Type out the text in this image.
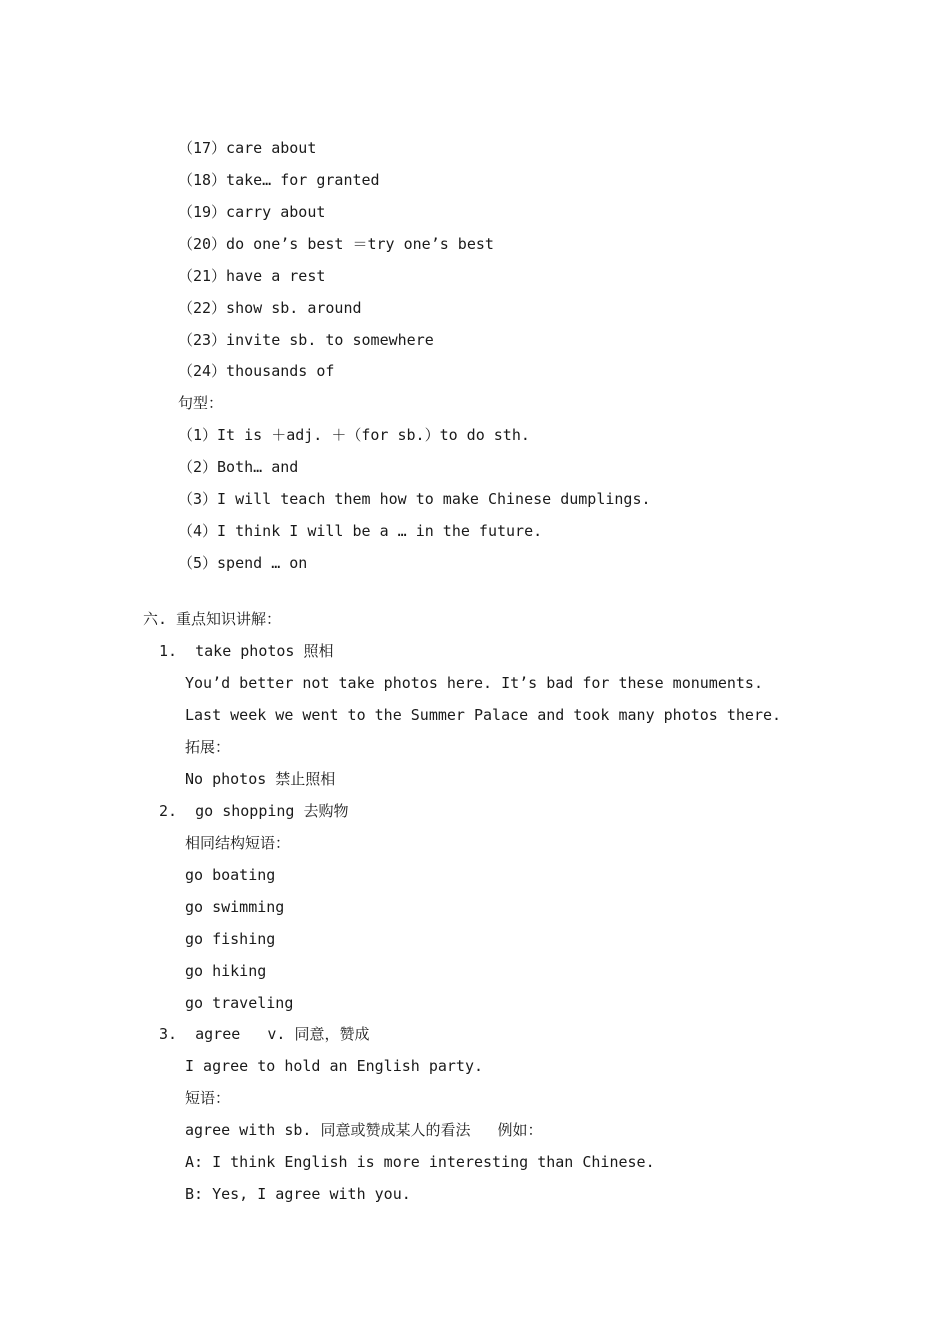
（17）care about
（18）take… for granted
（19）carry about
（20）do one’s best ＝try one’s best
（21）have a rest
（22）show sb. around
（23）invite sb. to somewhere
（24）thousands of
句型：
（1）It is ＋adj. ＋（for sb.）to do sth.
（2）Both… and
（3）I will teach them how to make Chinese dumplings.
（4）I think I will be a … in the future.
（5）spend … on
六. 重点知识讲解：
1.  take photos 照相
You’d better not take photos here. It’s bad for these monuments.
Last week we went to the Summer Palace and took many photos there.
拓展：
No photos 禁止照相
2.  go shopping 去购物
相同结构短语：
go boating
go swimming
go fishing
go hiking
go traveling
3.  agree   v. 同意，赞成
I agree to hold an English party.
短语：
agree with sb. 同意或赞成某人的看法   例如：
A: I think English is more interesting than Chinese.
B: Yes, I agree with you.
